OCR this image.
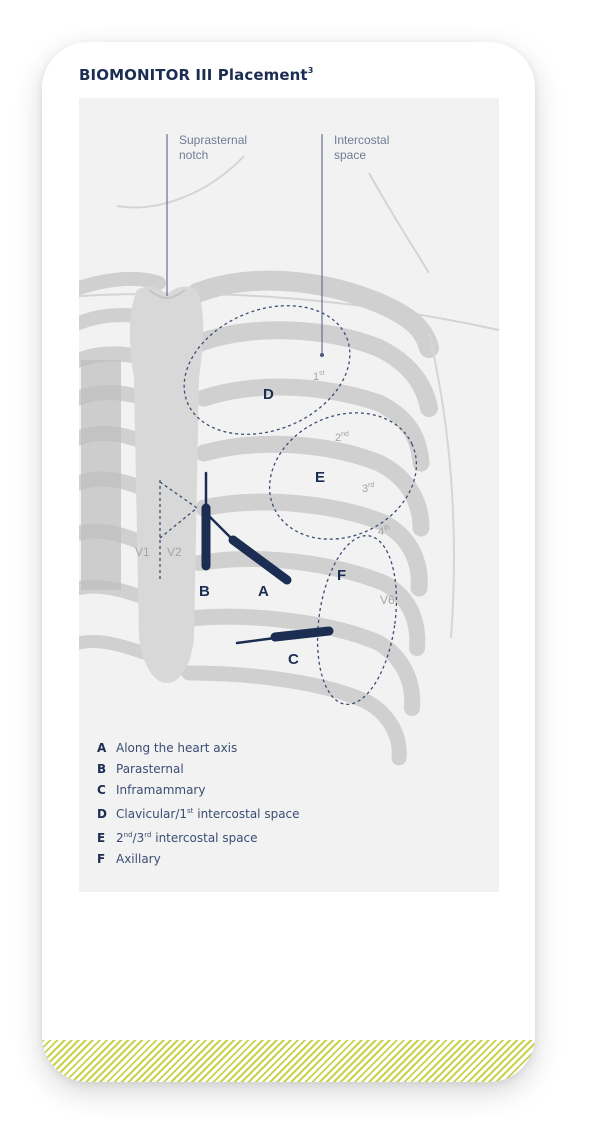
BIOMONITOR III Placement$^3$
Suprasternal notch
Intercostal space
1st
2nd
3rd
4th
V1 V2
V6
D
E
F
B	A
C
A Along the heart axis
B Parasternal
C Inframammary
D Clavicular/1st intercostal space
E 2nd/3rd intercostal space
F Axillary
